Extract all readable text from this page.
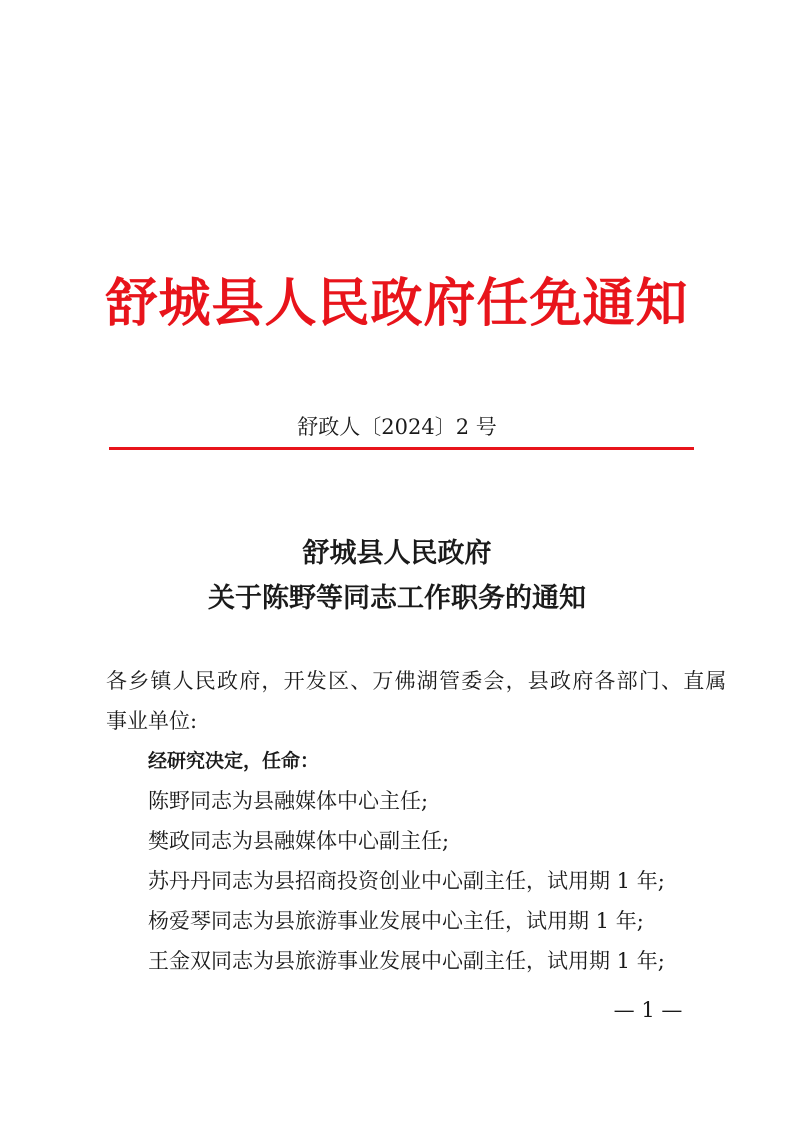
舒城县人民政府任免通知
舒政人〔2024〕2 号
舒城县人民政府
关于陈野等同志工作职务的通知
各乡镇人民政府，开发区、万佛湖管委会，县政府各部门、直属
事业单位:
经研究决定，任命：
陈野同志为县融媒体中心主任;
樊政同志为县融媒体中心副主任;
苏丹丹同志为县招商投资创业中心副主任，试用期 1 年;
杨爱琴同志为县旅游事业发展中心主任，试用期 1 年;
王金双同志为县旅游事业发展中心副主任，试用期 1 年;
— 1 —
